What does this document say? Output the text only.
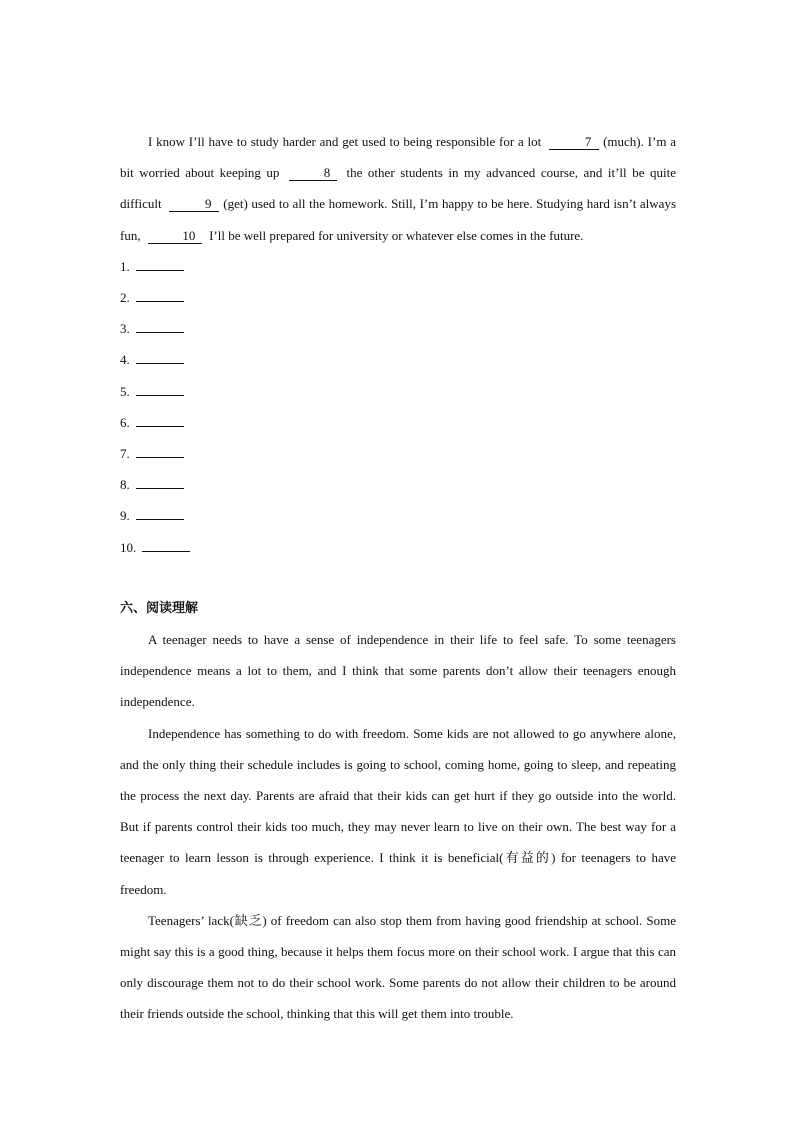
I know I’ll have to study harder and get used to being responsible for a lot	7 (much). I’m a bit worried about keeping up	8 the other students in my advanced course, and it’ll be quite difficult	9 (get) used to all the homework. Still, I’m happy to be here. Studying hard isn’t always fun,	10 I’ll be well prepared for university or whatever else comes in the future.

1.
2.
3.
4.
5.
6.
7.
8.
9.
10.
六、阅读理解

A teenager needs to have a sense of independence in their life to feel safe. To some teenagers independence means a lot to them, and I think that some parents don’t allow their teenagers enough independence.

Independence has something to do with freedom. Some kids are not allowed to go anywhere alone, and the only thing their schedule includes is going to school, coming home, going to sleep, and repeating the process the next day. Parents are afraid that their kids can get hurt if they go outside into the world. But if parents control their kids too much, they may never learn to live on their own. The best way for a teenager to learn lesson is through experience. I think it is beneficial(有益的) for teenagers to have freedom.

Teenagers’ lack(缺乏) of freedom can also stop them from having good friendship at school. Some might say this is a good thing, because it helps them focus more on their school work. I argue that this can only discourage them not to do their school work. Some parents do not allow their children to be around their friends outside the school, thinking that this will get them into trouble.
